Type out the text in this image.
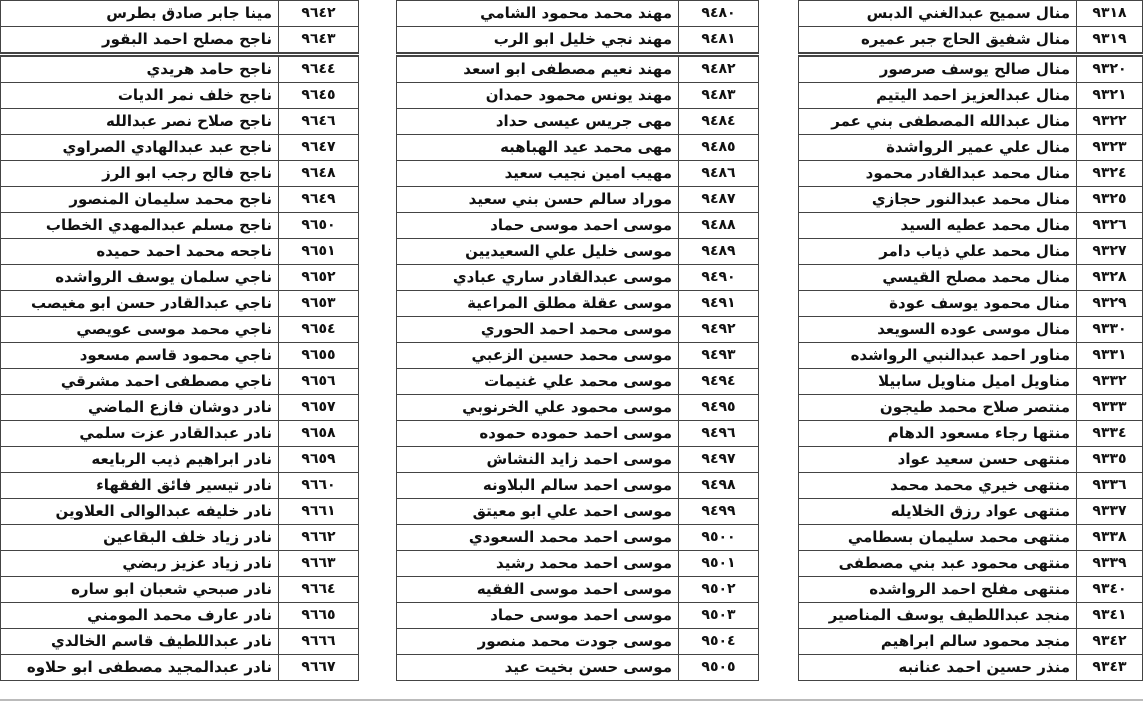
٩٣١٨	منال سميح عبدالغني الدبس
٩٣١٩	منال شفيق الحاج جبر عميره
٩٣٢٠	منال صالح يوسف صرصور
٩٣٢١	منال عبدالعزيز احمد اليتيم
٩٣٢٢	منال عبدالله المصطفى بني عمر
٩٣٢٣	منال علي عمير الرواشدة
٩٣٢٤	منال محمد عبدالقادر محمود
٩٣٢٥	منال محمد عبدالنور حجازي
٩٣٢٦	منال محمد عطيه السيد
٩٣٢٧	منال محمد علي ذياب دامر
٩٣٢٨	منال محمد مصلح القيسي
٩٣٢٩	منال محمود يوسف عودة
٩٣٣٠	منال موسى عوده السويعد
٩٣٣١	مناور احمد عبدالنبي الرواشده
٩٣٣٢	مناويل اميل مناويل سابيلا
٩٣٣٣	منتصر صلاح محمد طيجون
٩٣٣٤	منتها رجاء مسعود الدهام
٩٣٣٥	منتهى حسن سعيد عواد
٩٣٣٦	منتهى خيري محمد محمد
٩٣٣٧	منتهى عواد رزق الخلايله
٩٣٣٨	منتهى محمد سليمان بسطامي
٩٣٣٩	منتهى محمود عبد بني مصطفى
٩٣٤٠	منتهى مفلح احمد الرواشده
٩٣٤١	منجد عبداللطيف يوسف المناصير
٩٣٤٢	منجد محمود سالم ابراهيم
٩٣٤٣	منذر حسين احمد عنانبه
٩٤٨٠	مهند محمد محمود الشامي
٩٤٨١	مهند نجي خليل ابو الرب
٩٤٨٢	مهند نعيم مصطفى ابو اسعد
٩٤٨٣	مهند يونس محمود حمدان
٩٤٨٤	مهى جريس عيسى حداد
٩٤٨٥	مهى محمد عيد الهباهبه
٩٤٨٦	مهيب امين نجيب سعيد
٩٤٨٧	موراد سالم حسن بني سعيد
٩٤٨٨	موسى احمد موسى حماد
٩٤٨٩	موسى خليل علي السعيديين
٩٤٩٠	موسى عبدالقادر ساري عبادي
٩٤٩١	موسى عقلة مطلق المراعية
٩٤٩٢	موسى محمد احمد الحوري
٩٤٩٣	موسى محمد حسين الزعبي
٩٤٩٤	موسى محمد علي غنيمات
٩٤٩٥	موسى محمود علي الخرنوبي
٩٤٩٦	موسى احمد حموده حموده
٩٤٩٧	موسى احمد زايد النشاش
٩٤٩٨	موسى احمد سالم البلاونه
٩٤٩٩	موسى احمد علي ابو معيتق
٩٥٠٠	موسى احمد محمد السعودي
٩٥٠١	موسى احمد محمد رشيد
٩٥٠٢	موسى احمد موسى الفقيه
٩٥٠٣	موسى احمد موسى حماد
٩٥٠٤	موسى جودت محمد منصور
٩٥٠٥	موسى حسن بخيت عيد
٩٦٤٢	مينا جابر صادق بطرس
٩٦٤٣	ناجح مصلح احمد البقور
٩٦٤٤	ناجح حامد هريدي
٩٦٤٥	ناجح خلف نمر الديات
٩٦٤٦	ناجح صلاح نصر عبدالله
٩٦٤٧	ناجح عبد عبدالهادي الصراوي
٩٦٤٨	ناجح فالح رجب ابو الرز
٩٦٤٩	ناجح محمد سليمان المنصور
٩٦٥٠	ناجح مسلم عبدالمهدي الخطاب
٩٦٥١	ناجحه محمد احمد حميده
٩٦٥٢	ناجي سلمان يوسف الرواشده
٩٦٥٣	ناجي عبدالقادر حسن ابو مغيصب
٩٦٥٤	ناجي محمد موسى عويصي
٩٦٥٥	ناجي محمود قاسم مسعود
٩٦٥٦	ناجي مصطفى احمد مشرقي
٩٦٥٧	نادر دوشان فازع الماضي
٩٦٥٨	نادر عبدالقادر عزت سلمي
٩٦٥٩	نادر ابراهيم ذيب الربايعه
٩٦٦٠	نادر تيسير فائق الفقهاء
٩٦٦١	نادر خليفه عبدالوالى العلاوين
٩٦٦٢	نادر زياد خلف البقاعين
٩٦٦٣	نادر زياد عزيز ربضي
٩٦٦٤	نادر صبحي شعبان ابو ساره
٩٦٦٥	نادر عارف محمد المومني
٩٦٦٦	نادر عبداللطيف قاسم الخالدي
٩٦٦٧	نادر عبدالمجيد مصطفى ابو حلاوه
